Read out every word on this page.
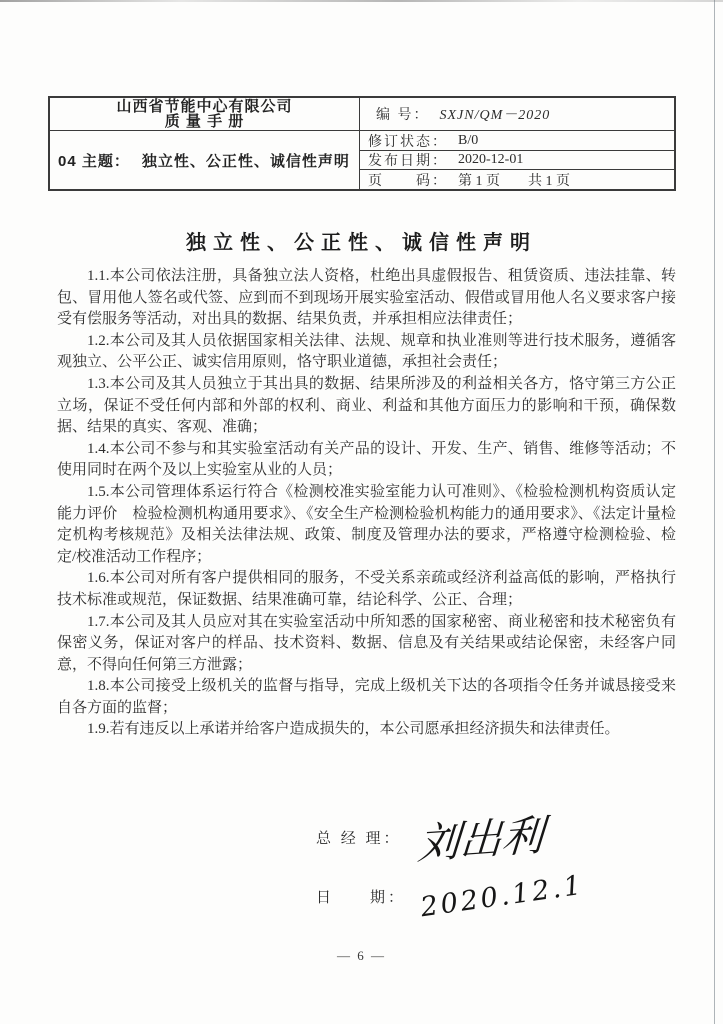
山西省节能中心有限公司
质 量 手 册	编 号： SXJN/QM－2020
04 主题： 独立性、公正性、诚信性声明
修订状态： B/0
发布日期： 2020-12-01
页　　码： 第 1 页　　共 1 页
独立性、公正性、诚信性声明

1.1.本公司依法注册，具备独立法人资格，杜绝出具虚假报告、租赁资质、违法挂靠、转包、冒用他人签名或代签、应到而不到现场开展实验室活动、假借或冒用他人名义要求客户接受有偿服务等活动，对出具的数据、结果负责，并承担相应法律责任；

1.2.本公司及其人员依据国家相关法律、法规、规章和执业准则等进行技术服务，遵循客观独立、公平公正、诚实信用原则，恪守职业道德，承担社会责任；

1.3.本公司及其人员独立于其出具的数据、结果所涉及的利益相关各方，恪守第三方公正立场，保证不受任何内部和外部的权利、商业、利益和其他方面压力的影响和干预，确保数据、结果的真实、客观、准确；

1.4.本公司不参与和其实验室活动有关产品的设计、开发、生产、销售、维修等活动；不使用同时在两个及以上实验室从业的人员；

1.5.本公司管理体系运行符合《检测校准实验室能力认可准则》、《检验检测机构资质认定能力评价　检验检测机构通用要求》、《安全生产检测检验机构能力的通用要求》、《法定计量检定机构考核规范》及相关法律法规、政策、制度及管理办法的要求，严格遵守检测检验、检定/校准活动工作程序；

1.6.本公司对所有客户提供相同的服务，不受关系亲疏或经济利益高低的影响，严格执行技术标准或规范，保证数据、结果准确可靠，结论科学、公正、合理；

1.7.本公司及其人员应对其在实验室活动中所知悉的国家秘密、商业秘密和技术秘密负有保密义务，保证对客户的样品、技术资料、数据、信息及有关结果或结论保密，未经客户同意，不得向任何第三方泄露；

1.8.本公司接受上级机关的监督与指导，完成上级机关下达的各项指令任务并诚恳接受来自各方面的监督；

1.9.若有违反以上承诺并给客户造成损失的，本公司愿承担经济损失和法律责任。

总 经 理： 刘出利
日　　期： 2020.12.1
— 6 —
